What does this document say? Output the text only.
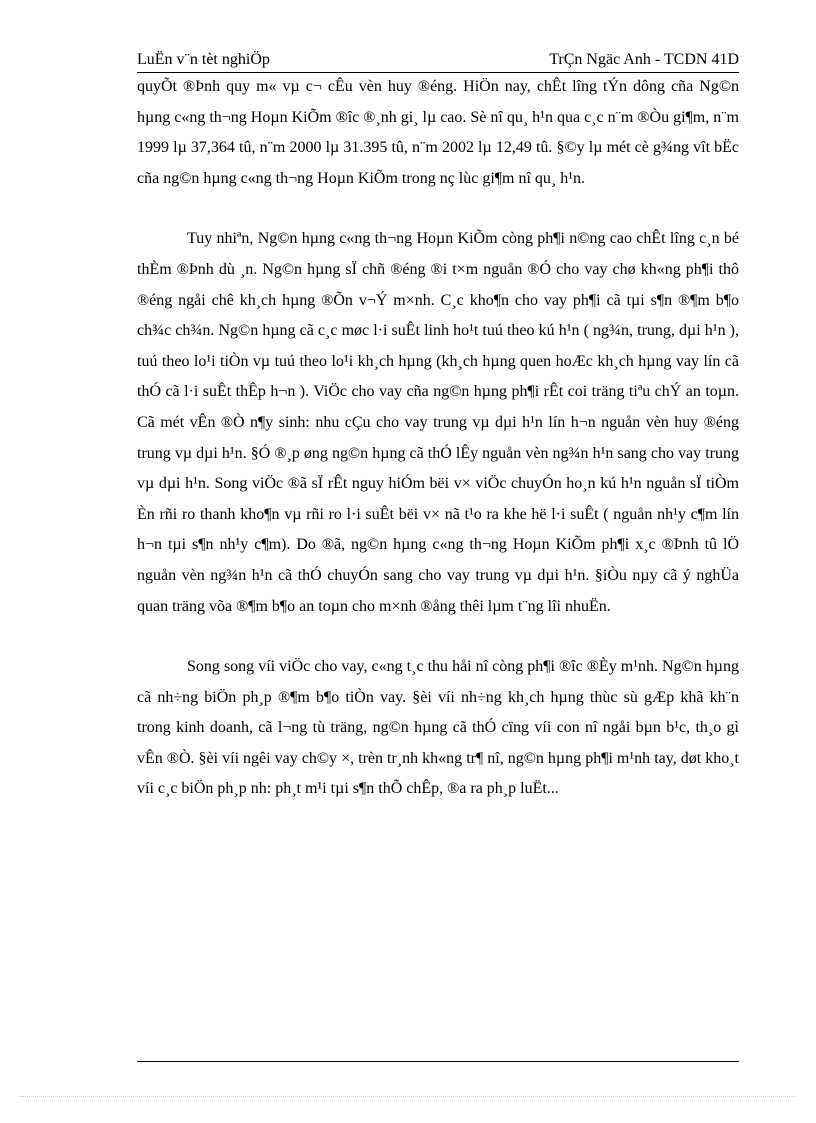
LuËn v¨n tèt nghiÖp	TrÇn Ngäc Anh - TCDN 41D

quyÕt ®Þnh quy m« vµ c¬ cÊu vèn huy ®éng. HiÖn nay, chÊt lîng tÝn dông cña Ng©n hµng c«ng th¬ng Hoµn KiÕm ®îc ®¸nh gi¸ lµ cao. Sè nî qu¸ h¹n qua c¸c n¨m ®Òu gi¶m, n¨m 1999 lµ 37,364 tû, n¨m 2000 lµ 31.395 tû, n¨m 2002 lµ 12,49 tû. §©y lµ mét cè g¾ng vît bËc cña ng©n hµng c«ng th¬ng Hoµn KiÕm trong nç lùc gi¶m nî qu¸ h¹n.

Tuy nhiªn, Ng©n hµng c«ng th¬ng Hoµn KiÕm còng ph¶i n©ng cao chÊt lîng c¸n bé thÈm ®Þnh dù ¸n. Ng©n hµng sÏ chñ ®éng ®i t×m nguån ®Ó cho vay chø kh«ng ph¶i thô ®éng ngåi chê kh¸ch hµng ®Õn v¬Ý m×nh. C¸c kho¶n cho vay ph¶i cã tµi s¶n ®¶m b¶o ch¾c ch¾n. Ng©n hµng cã c¸c møc l·i suÊt linh ho¹t tuú theo kú h¹n ( ng¾n, trung, dµi h¹n ), tuú theo lo¹i tiÒn vµ tuú theo lo¹i kh¸ch hµng (kh¸ch hµng quen hoÆc kh¸ch hµng vay lín cã thÓ cã l·i suÊt thÊp h¬n ). ViÖc cho vay cña ng©n hµng ph¶i rÊt coi träng tiªu chÝ an toµn. Cã mét vÊn ®Ò n¶y sinh: nhu cÇu cho vay trung vµ dµi h¹n lín h¬n nguån vèn huy ®éng trung vµ dµi h¹n. §Ó ®¸p øng ng©n hµng cã thÓ lÊy nguån vèn ng¾n h¹n sang cho vay trung vµ dµi h¹n. Song viÖc ®ã sÏ rÊt nguy hiÓm bëi v× viÖc chuyÓn ho¸n kú h¹n nguån sÏ tiÒm Èn rñi ro thanh kho¶n vµ rñi ro l·i suÊt bëi v× nã t¹o ra khe hë l·i suÊt ( nguån nh¹y c¶m lín h¬n tµi s¶n nh¹y c¶m). Do ®ã, ng©n hµng c«ng th¬ng Hoµn KiÕm ph¶i x¸c ®Þnh tû lÖ nguån vèn ng¾n h¹n cã thÓ chuyÓn sang cho vay trung vµ dµi h¹n. §iÒu nµy cã ý nghÜa quan träng võa ®¶m b¶o an toµn cho m×nh ®ång thêi lµm t¨ng lîi nhuËn.

Song song víi viÖc cho vay, c«ng t¸c thu håi nî còng ph¶i ®îc ®Èy m¹nh. Ng©n hµng cã nh÷ng biÖn ph¸p ®¶m b¶o tiÒn vay. §èi víi nh÷ng kh¸ch hµng thùc sù gÆp khã kh¨n trong kinh doanh, cã l¬ng tù träng, ng©n hµng cã thÓ cïng víi con nî ngåi bµn b¹c, th¸o gì vÊn ®Ò. §èi víi ngêi vay ch©y ×, trèn tr¸nh kh«ng tr¶ nî, ng©n hµng ph¶i m¹nh tay, døt kho¸t víi c¸c biÖn ph¸p nh: ph¸t m¹i tµi s¶n thÕ chÊp, ®a ra ph¸p luËt...
